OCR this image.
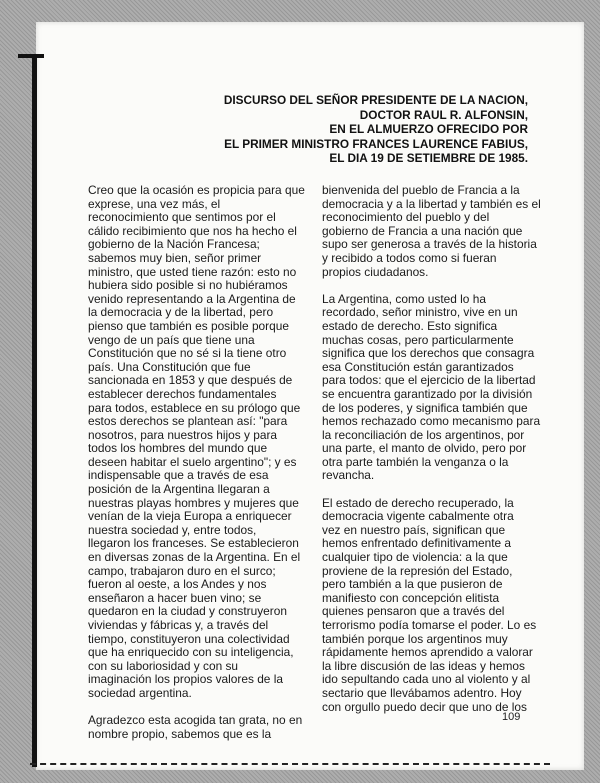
DISCURSO DEL SEÑOR PRESIDENTE DE LA NACION,
DOCTOR RAUL R. ALFONSIN,
EN EL ALMUERZO OFRECIDO POR
EL PRIMER MINISTRO FRANCES LAURENCE FABIUS,
EL DIA 19 DE SETIEMBRE DE 1985.

Creo que la ocasión es propicia para que
exprese, una vez más, el
reconocimiento que sentimos por el
cálido recibimiento que nos ha hecho el
gobierno de la Nación Francesa;
sabemos muy bien, señor primer
ministro, que usted tiene razón: esto no
hubiera sido posible si no hubiéramos
venido representando a la Argentina de
la democracia y de la libertad, pero
pienso que también es posible porque
vengo de un país que tiene una
Constitución que no sé si la tiene otro
país. Una Constitución que fue
sancionada en 1853 y que después de
establecer derechos fundamentales
para todos, establece en su prólogo que
estos derechos se plantean así: "para
nosotros, para nuestros hijos y para
todos los hombres del mundo que
deseen habitar el suelo argentino"; y es
indispensable que a través de esa
posición de la Argentina llegaran a
nuestras playas hombres y mujeres que
venían de la vieja Europa a enriquecer
nuestra sociedad y, entre todos,
llegaron los franceses. Se establecieron
en diversas zonas de la Argentina. En el
campo, trabajaron duro en el surco;
fueron al oeste, a los Andes y nos
enseñaron a hacer buen vino; se
quedaron en la ciudad y construyeron
viviendas y fábricas y, a través del
tiempo, constituyeron una colectividad
que ha enriquecido con su inteligencia,
con su laboriosidad y con su
imaginación los propios valores de la
sociedad argentina.

Agradezco esta acogida tan grata, no en
nombre propio, sabemos que es la

bienvenida del pueblo de Francia a la
democracia y a la libertad y también es el
reconocimiento del pueblo y del
gobierno de Francia a una nación que
supo ser generosa a través de la historia
y recibido a todos como si fueran
propios ciudadanos.

La Argentina, como usted lo ha
recordado, señor ministro, vive en un
estado de derecho. Esto significa
muchas cosas, pero particularmente
significa que los derechos que consagra
esa Constitución están garantizados
para todos: que el ejercicio de la libertad
se encuentra garantizado por la división
de los poderes, y significa también que
hemos rechazado como mecanismo para
la reconciliación de los argentinos, por
una parte, el manto de olvido, pero por
otra parte también la venganza o la
revancha.

El estado de derecho recuperado, la
democracia vigente cabalmente otra
vez en nuestro país, significan que
hemos enfrentado definitivamente a
cualquier tipo de violencia: a la que
proviene de la represión del Estado,
pero también a la que pusieron de
manifiesto con concepción elitista
quienes pensaron que a través del
terrorismo podía tomarse el poder. Lo es
también porque los argentinos muy
rápidamente hemos aprendido a valorar
la libre discusión de las ideas y hemos
ido sepultando cada uno al violento y al
sectario que llevábamos adentro. Hoy
con orgullo puedo decir que uno de los

109
